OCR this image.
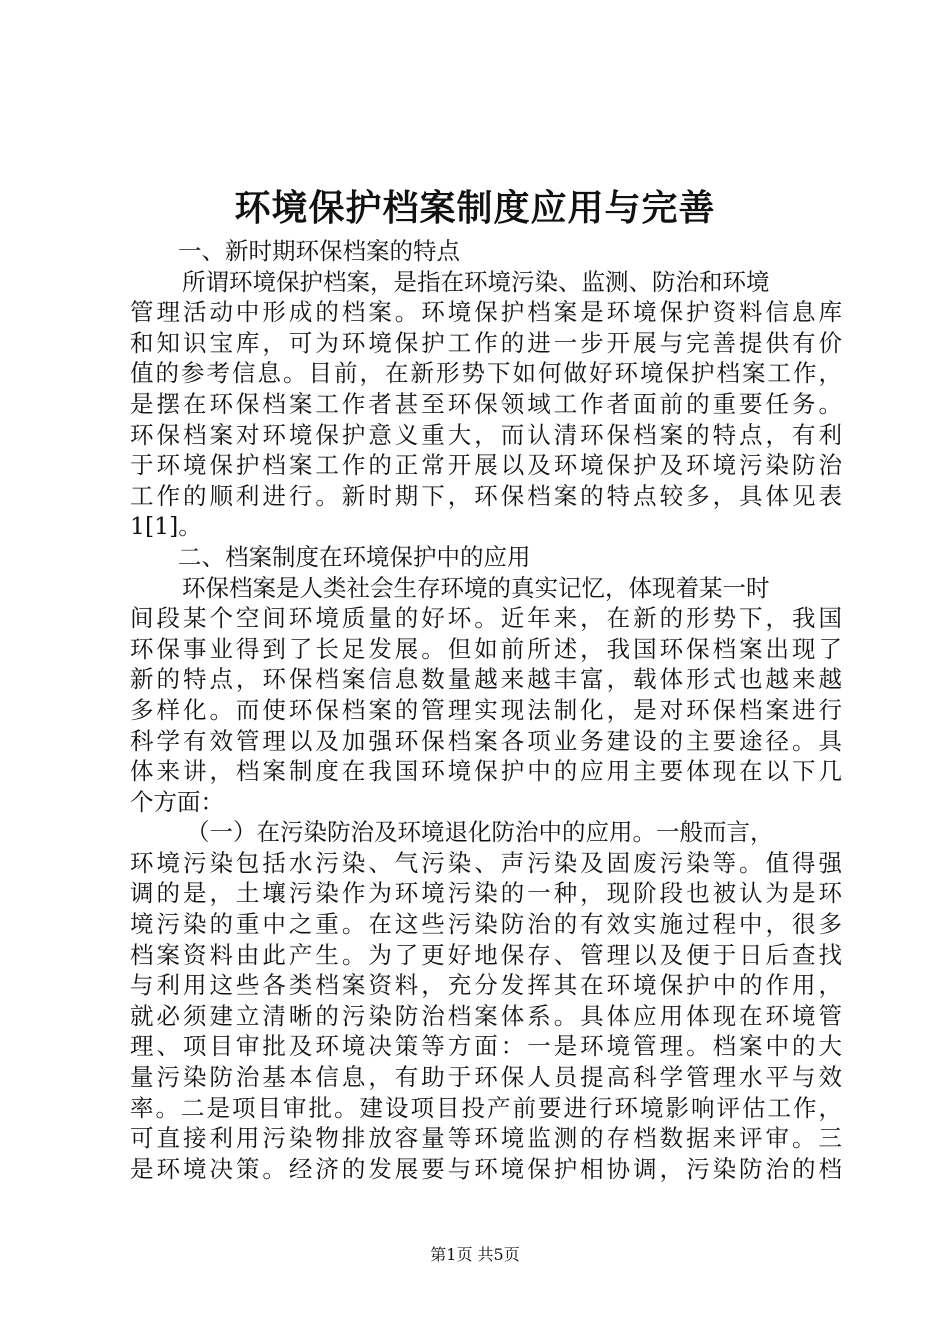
环境保护档案制度应用与完善
一、新时期环保档案的特点
所谓环境保护档案，是指在环境污染、监测、防治和环境
管理活动中形成的档案。环境保护档案是环境保护资料信息库
和知识宝库，可为环境保护工作的进一步开展与完善提供有价
值的参考信息。目前，在新形势下如何做好环境保护档案工作，
是摆在环保档案工作者甚至环保领域工作者面前的重要任务。
环保档案对环境保护意义重大，而认清环保档案的特点，有利
于环境保护档案工作的正常开展以及环境保护及环境污染防治
工作的顺利进行。新时期下，环保档案的特点较多，具体见表
1[1]。
二、档案制度在环境保护中的应用
环保档案是人类社会生存环境的真实记忆，体现着某一时
间段某个空间环境质量的好坏。近年来，在新的形势下，我国
环保事业得到了长足发展。但如前所述，我国环保档案出现了
新的特点，环保档案信息数量越来越丰富，载体形式也越来越
多样化。而使环保档案的管理实现法制化，是对环保档案进行
科学有效管理以及加强环保档案各项业务建设的主要途径。具
体来讲，档案制度在我国环境保护中的应用主要体现在以下几
个方面：
（一）在污染防治及环境退化防治中的应用。一般而言，
环境污染包括水污染、气污染、声污染及固废污染等。值得强
调的是，土壤污染作为环境污染的一种，现阶段也被认为是环
境污染的重中之重。在这些污染防治的有效实施过程中，很多
档案资料由此产生。为了更好地保存、管理以及便于日后查找
与利用这些各类档案资料，充分发挥其在环境保护中的作用，
就必须建立清晰的污染防治档案体系。具体应用体现在环境管
理、项目审批及环境决策等方面：一是环境管理。档案中的大
量污染防治基本信息，有助于环保人员提高科学管理水平与效
率。二是项目审批。建设项目投产前要进行环境影响评估工作，
可直接利用污染物排放容量等环境监测的存档数据来评审。三
是环境决策。经济的发展要与环境保护相协调，污染防治的档
第1页 共5页
